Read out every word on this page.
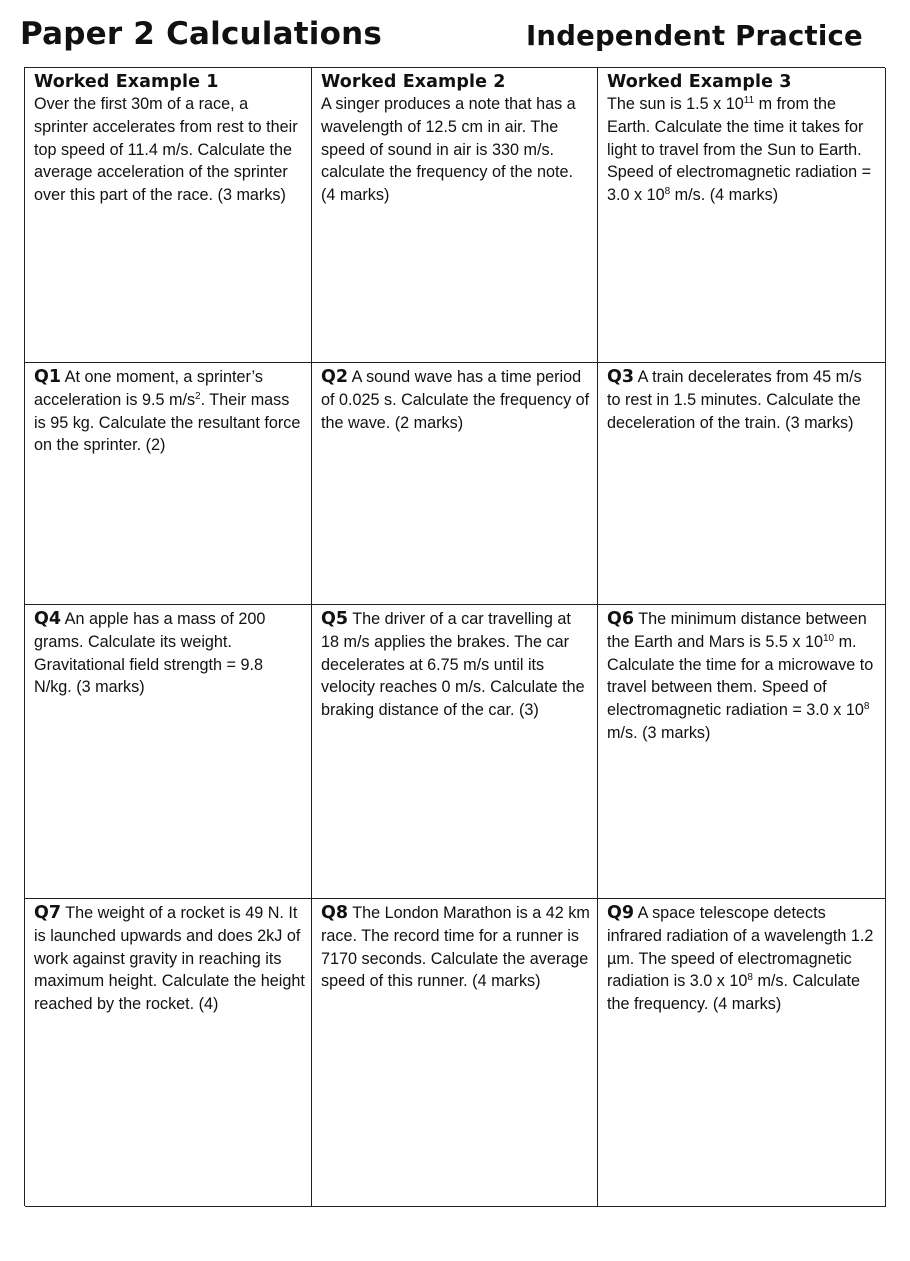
Paper 2 Calculations	Independent Practice
Worked Example 1
Over the first 30m of a race, a sprinter accelerates from rest to their top speed of 11.4 m/s. Calculate the average acceleration of the sprinter over this part of the race. (3 marks)
Worked Example 2
A singer produces a note that has a wavelength of 12.5 cm in air. The speed of sound in air is 330 m/s. calculate the frequency of the note. (4 marks)
Worked Example 3
The sun is 1.5 x $10^{11}$ m from the Earth. Calculate the time it takes for light to travel from the Sun to Earth. Speed of electromagnetic radiation = 3.0 x $10^8$ m/s. (4 marks)
Q1 At one moment, a sprinter’s acceleration is 9.5 $m/s^2$. Their mass is 95 kg. Calculate the resultant force on the sprinter. (2)
Q2 A sound wave has a time period of 0.025 s. Calculate the frequency of the wave. (2 marks)
Q3 A train decelerates from 45 m/s to rest in 1.5 minutes. Calculate the deceleration of the train. (3 marks)
Q4 An apple has a mass of 200 grams. Calculate its weight. Gravitational field strength = 9.8 N/kg. (3 marks)
Q5 The driver of a car travelling at 18 m/s applies the brakes. The car decelerates at 6.75 m/s until its velocity reaches 0 m/s. Calculate the braking distance of the car. (3)
Q6 The minimum distance between the Earth and Mars is 5.5 x $10^{10}$ m. Calculate the time for a microwave to travel between them. Speed of electromagnetic radiation = 3.0 x $10^8$ m/s. (3 marks)
Q7 The weight of a rocket is 49 N. It is launched upwards and does 2kJ of work against gravity in reaching its maximum height. Calculate the height reached by the rocket. (4)
Q8 The London Marathon is a 42 km race. The record time for a runner is 7170 seconds. Calculate the average speed of this runner. (4 marks)
Q9 A space telescope detects infrared radiation of a wavelength 1.2 µm. The speed of electromagnetic radiation is 3.0 x $10^8$ m/s. Calculate the frequency. (4 marks)
